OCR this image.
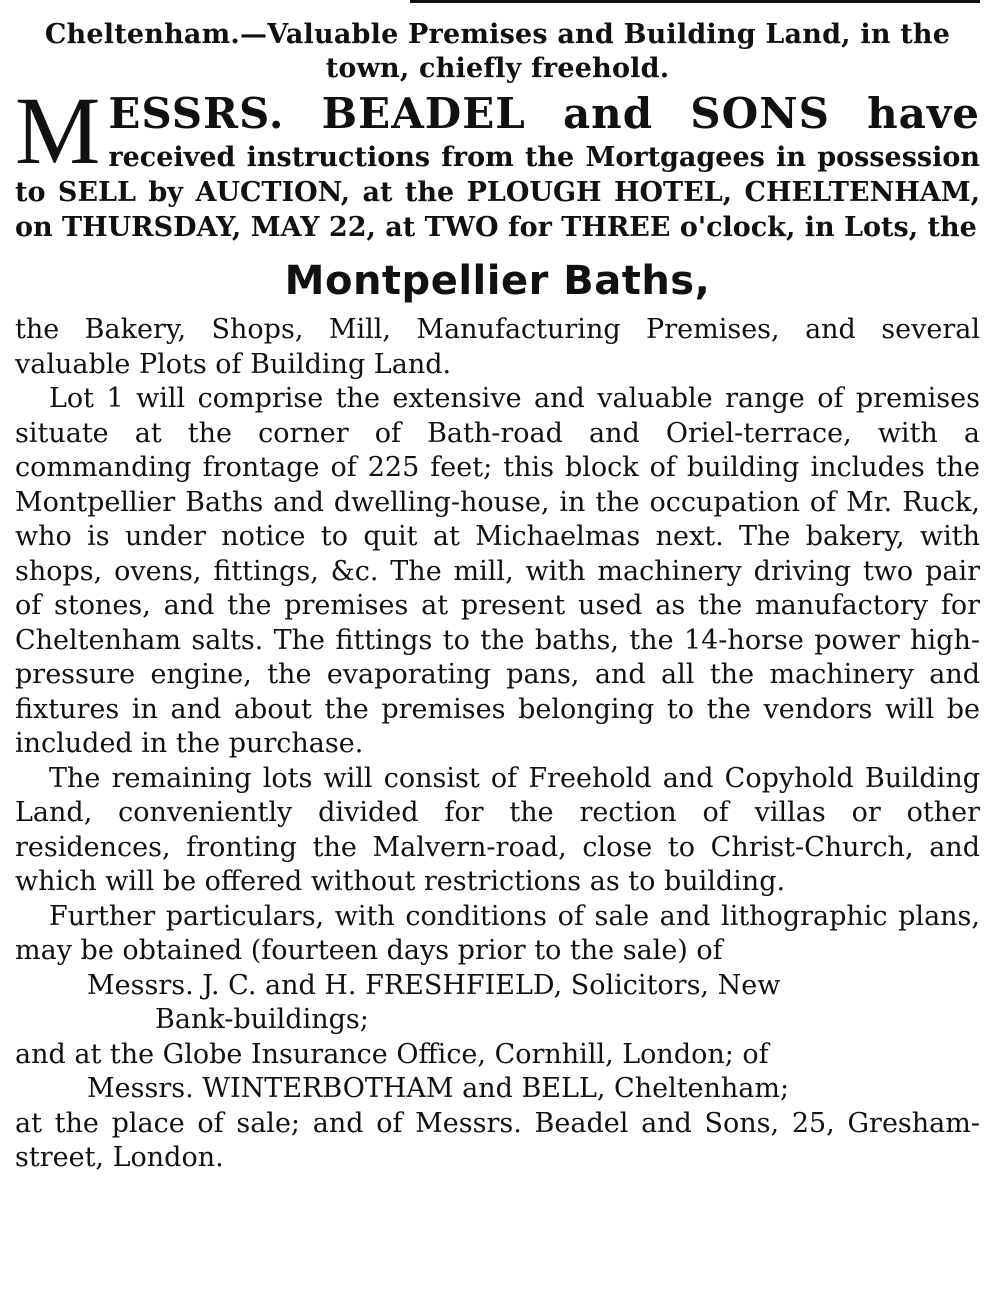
Cheltenham.—Valuable Premises and Building Land, in the town, chiefly freehold.

M ESSRS. BEADEL and SONS have

received instructions from the Mortgagees in possession to SELL by AUCTION, at the PLOUGH HOTEL, CHELTENHAM, on THURSDAY, MAY 22, at TWO for THREE o'clock, in Lots, the

Montpellier Baths,

the Bakery, Shops, Mill, Manufacturing Premises, and several valuable Plots of Building Land.

Lot 1 will comprise the extensive and valuable range of premises situate at the corner of Bath-road and Oriel-terrace, with a commanding frontage of 225 feet; this block of building includes the Montpellier Baths and dwelling-house, in the occupation of Mr. Ruck, who is under notice to quit at Michaelmas next. The bakery, with shops, ovens, fittings, &c. The mill, with machinery driving two pair of stones, and the premises at present used as the manufactory for Cheltenham salts. The fittings to the baths, the 14-horse power high-pressure engine, the evaporating pans, and all the machinery and fixtures in and about the premises belonging to the vendors will be included in the purchase.

The remaining lots will consist of Freehold and Copyhold Building Land, conveniently divided for the rection of villas or other residences, fronting the Malvern-road, close to Christ-Church, and which will be offered without restrictions as to building.

Further particulars, with conditions of sale and lithographic plans, may be obtained (fourteen days prior to the sale) of

Messrs. J. C. and H. FRESHFIELD, Solicitors, New

Bank-buildings;

and at the Globe Insurance Office, Cornhill, London; of

Messrs. WINTERBOTHAM and BELL, Cheltenham;

at the place of sale; and of Messrs. Beadel and Sons, 25, Gresham-street, London.
